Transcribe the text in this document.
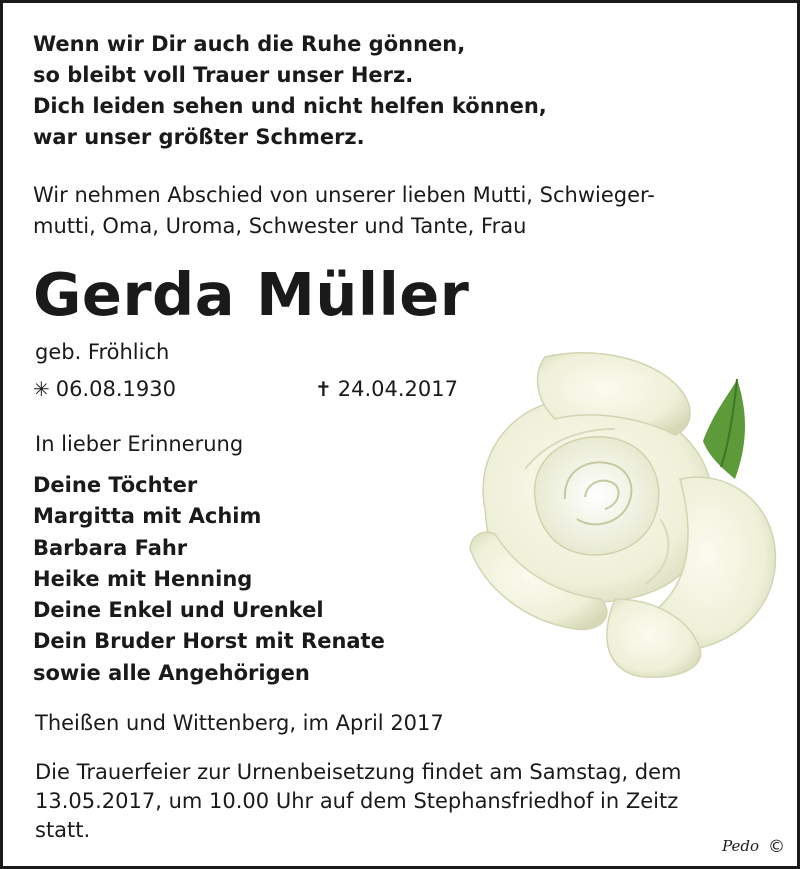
Wenn wir Dir auch die Ruhe gönnen,
so bleibt voll Trauer unser Herz.
Dich leiden sehen und nicht helfen können,
war unser größter Schmerz.
Wir nehmen Abschied von unserer lieben Mutti, Schwieger-
mutti, Oma, Uroma, Schwester und Tante, Frau
Gerda Müller
geb. Fröhlich
✳ 06.08.1930	✝ 24.04.2017
In lieber Erinnerung
Deine Töchter
Margitta mit Achim
Barbara Fahr
Heike mit Henning
Deine Enkel und Urenkel
Dein Bruder Horst mit Renate
sowie alle Angehörigen
Theißen und Wittenberg, im April 2017
Die Trauerfeier zur Urnenbeisetzung findet am Samstag, dem
13.05.2017, um 10.00 Uhr auf dem Stephansfriedhof in Zeitz
statt.
Pedo ©
